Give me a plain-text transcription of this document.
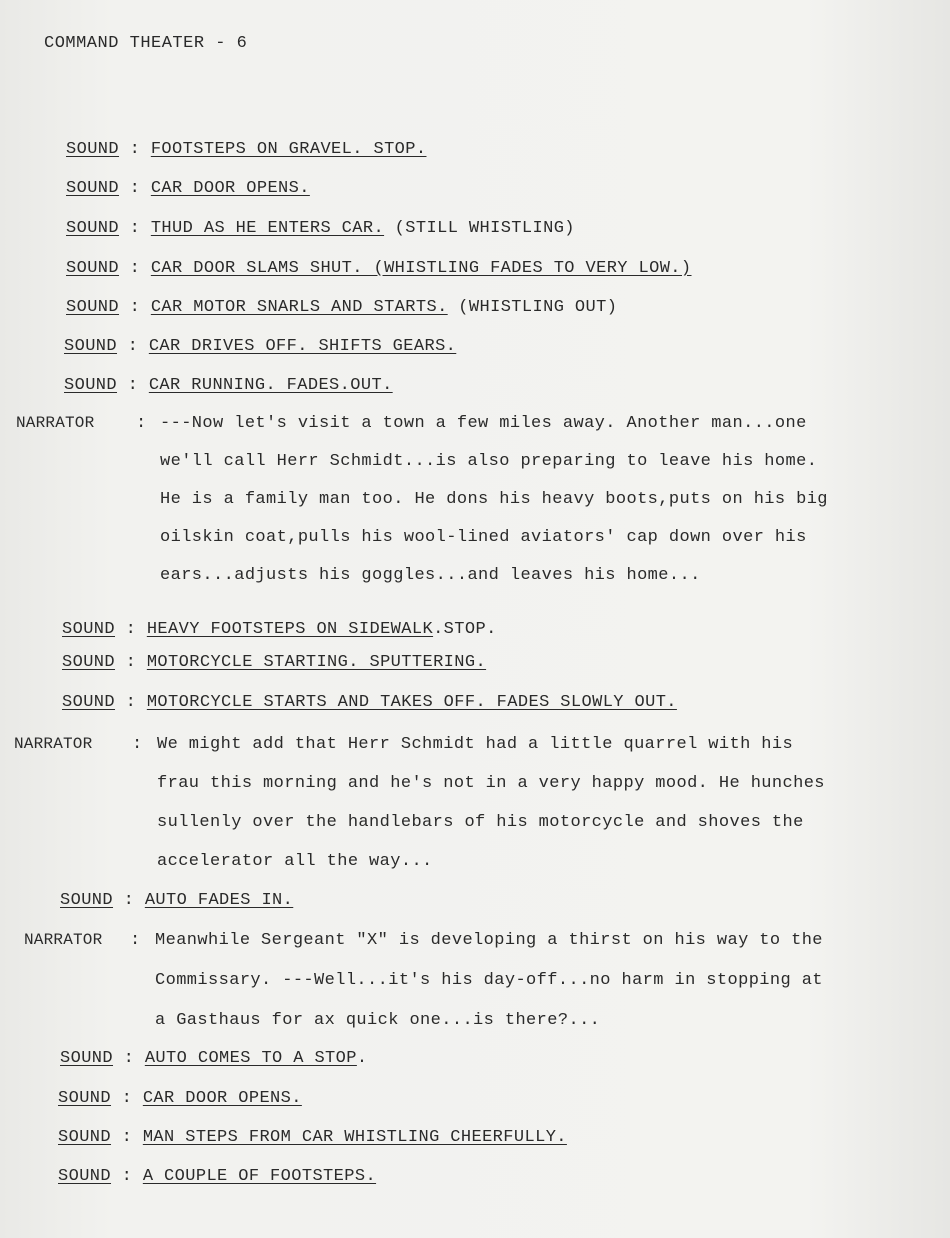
COMMAND THEATER - 6
SOUND : FOOTSTEPS ON GRAVEL. STOP.
SOUND : CAR DOOR OPENS.
SOUND : THUD AS HE ENTERS CAR. (STILL WHISTLING)
SOUND : CAR DOOR SLAMS SHUT. (WHISTLING FADES TO VERY LOW.)
SOUND : CAR MOTOR SNARLS AND STARTS. (WHISTLING OUT)
SOUND : CAR DRIVES OFF. SHIFTS GEARS.
SOUND : CAR RUNNING. FADES.OUT.
NARRATOR : ---Now let's visit a town a few miles away. Another man...one
we'll call Herr Schmidt...is also preparing to leave his home.
He is a family man too. He dons his heavy boots,puts on his big
oilskin coat,pulls his wool-lined aviators' cap down over his
ears...adjusts his goggles...and leaves his home...
SOUND : HEAVY FOOTSTEPS ON SIDEWALK.STOP.
SOUND : MOTORCYCLE STARTING. SPUTTERING.
SOUND : MOTORCYCLE STARTS AND TAKES OFF. FADES SLOWLY OUT.
NARRATOR : We might add that Herr Schmidt had a little quarrel with his
frau this morning and he's not in a very happy mood. He hunches
sullenly over the handlebars of his motorcycle and shoves the
accelerator all the way...
SOUND : AUTO FADES IN.
NARRATOR : Meanwhile Sergeant "X" is developing a thirst on his way to the
Commissary. ---Well...it's his day-off...no harm in stopping at
a Gasthaus for ax quick one...is there?...
SOUND : AUTO COMES TO A STOP.
SOUND : CAR DOOR OPENS.
SOUND : MAN STEPS FROM CAR WHISTLING CHEERFULLY.
SOUND : A COUPLE OF FOOTSTEPS.
